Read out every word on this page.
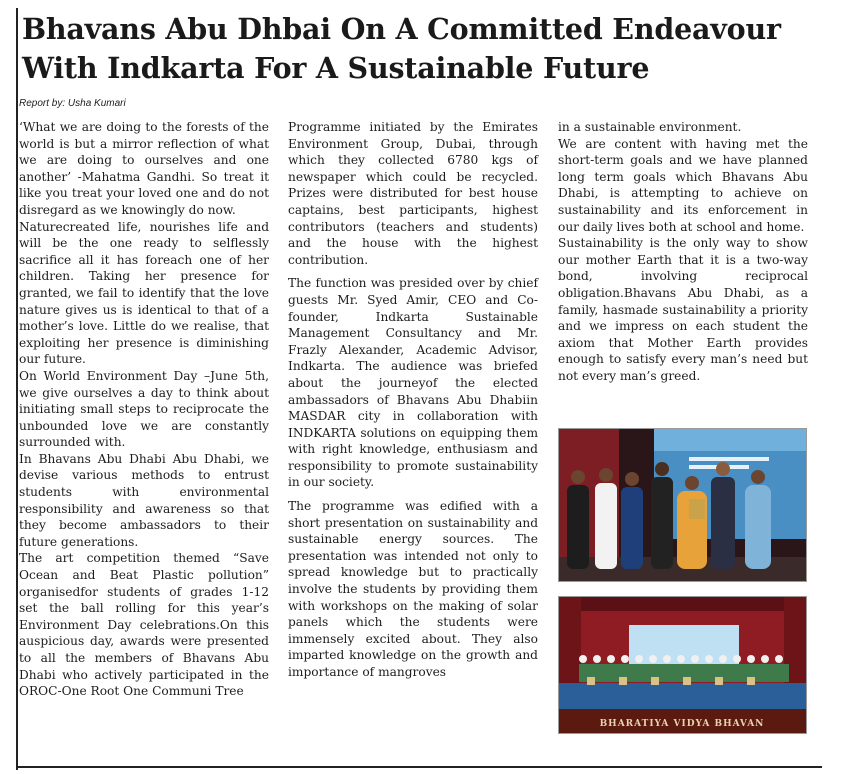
Bhavans Abu Dhbai On A Committed Endeavour
With Indkarta For A Sustainable Future
Report by: Usha Kumari

‘What we are doing to the forests of the world is but a mirror reflection of what we are doing to ourselves and one another’ -Mahatma Gandhi. So treat it like you treat your loved one and do not disregard as we knowingly do now.

Naturecreated life, nourishes life and will be the one ready to selflessly sacrifice all it has foreach one of her children. Taking her presence for granted, we fail to identify that the love nature gives us is identical to that of a mother’s love. Little do we realise, that exploiting her presence is diminishing our future.

On World Environment Day –June 5th, we give ourselves a day to think about initiating small steps to reciprocate the unbounded love we are constantly surrounded with.

In Bhavans Abu Dhabi Abu Dhabi, we devise various methods to entrust students with environmental responsibility and awareness so that they become ambassadors to their future generations.

The art competition themed “Save Ocean and Beat Plastic pollution” organisedfor students of grades 1-12 set the ball rolling for this year’s Environment Day celebrations.On this auspicious day, awards were presented to all the members of Bhavans Abu Dhabi who actively participated in the OROC-One Root One Communi Tree

Programme initiated by the Emirates Environment Group, Dubai, through which they collected 6780 kgs of newspaper which could be recycled. Prizes were distributed for best house captains, best participants, highest contributors (teachers and students) and the house with the highest contribution.

The function was presided over by chief guests Mr. Syed Amir, CEO and Co-founder, Indkarta Sustainable Management Consultancy and Mr. Frazly Alexander, Academic Advisor, Indkarta. The audience was briefed about the journeyof the elected ambassadors of Bhavans Abu Dhabiin MASDAR city in collaboration with INDKARTA solutions on equipping them with right knowledge, enthusiasm and responsibility to promote sustainability in our society.

The programme was edified with a short presentation on sustainability and sustainable energy sources. The presentation was intended not only to spread knowledge but to practically involve the students by providing them with workshops on the making of solar panels which the students were immensely excited about. They also imparted knowledge on the growth and importance of mangroves

in a sustainable environment.

We are content with having met the short-term goals and we have planned long term goals which Bhavans Abu Dhabi, is attempting to achieve on sustainability and its enforcement in our daily lives both at school and home.

Sustainability is the only way to show our mother Earth that it is a two-way bond, involving reciprocal obligation.Bhavans Abu Dhabi, as a family, hasmade sustainability a priority and we impress on each student the axiom that Mother Earth provides enough to satisfy every man’s need but not every man’s greed.

BHARATIYA VIDYA BHAVAN
